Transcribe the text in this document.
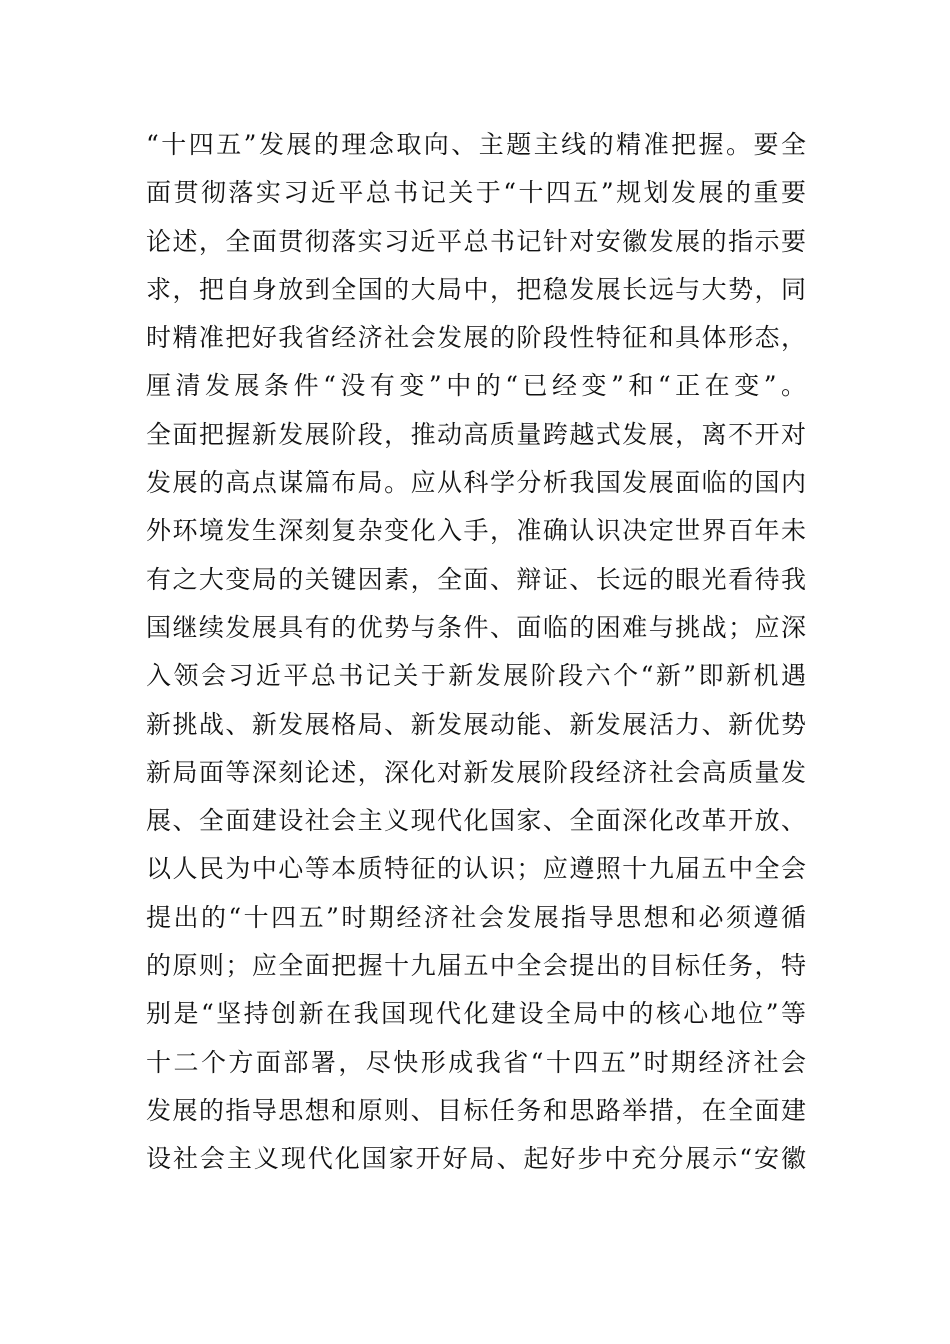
“十四五”发展的理念取向、主题主线的精准把握。要全
面贯彻落实习近平总书记关于“十四五”规划发展的重要
论述，全面贯彻落实习近平总书记针对安徽发展的指示要
求，把自身放到全国的大局中，把稳发展长远与大势，同
时精准把好我省经济社会发展的阶段性特征和具体形态，
厘清发展条件“没有变”中的“已经变”和“正在变”。
全面把握新发展阶段，推动高质量跨越式发展，离不开对
发展的高点谋篇布局。应从科学分析我国发展面临的国内
外环境发生深刻复杂变化入手，准确认识决定世界百年未
有之大变局的关键因素，全面、辩证、长远的眼光看待我
国继续发展具有的优势与条件、面临的困难与挑战；应深
入领会习近平总书记关于新发展阶段六个“新”即新机遇
新挑战、新发展格局、新发展动能、新发展活力、新优势
新局面等深刻论述，深化对新发展阶段经济社会高质量发
展、全面建设社会主义现代化国家、全面深化改革开放、
以人民为中心等本质特征的认识；应遵照十九届五中全会
提出的“十四五”时期经济社会发展指导思想和必须遵循
的原则；应全面把握十九届五中全会提出的目标任务，特
别是“坚持创新在我国现代化建设全局中的核心地位”等
十二个方面部署，尽快形成我省“十四五”时期经济社会
发展的指导思想和原则、目标任务和思路举措，在全面建
设社会主义现代化国家开好局、起好步中充分展示“安徽
